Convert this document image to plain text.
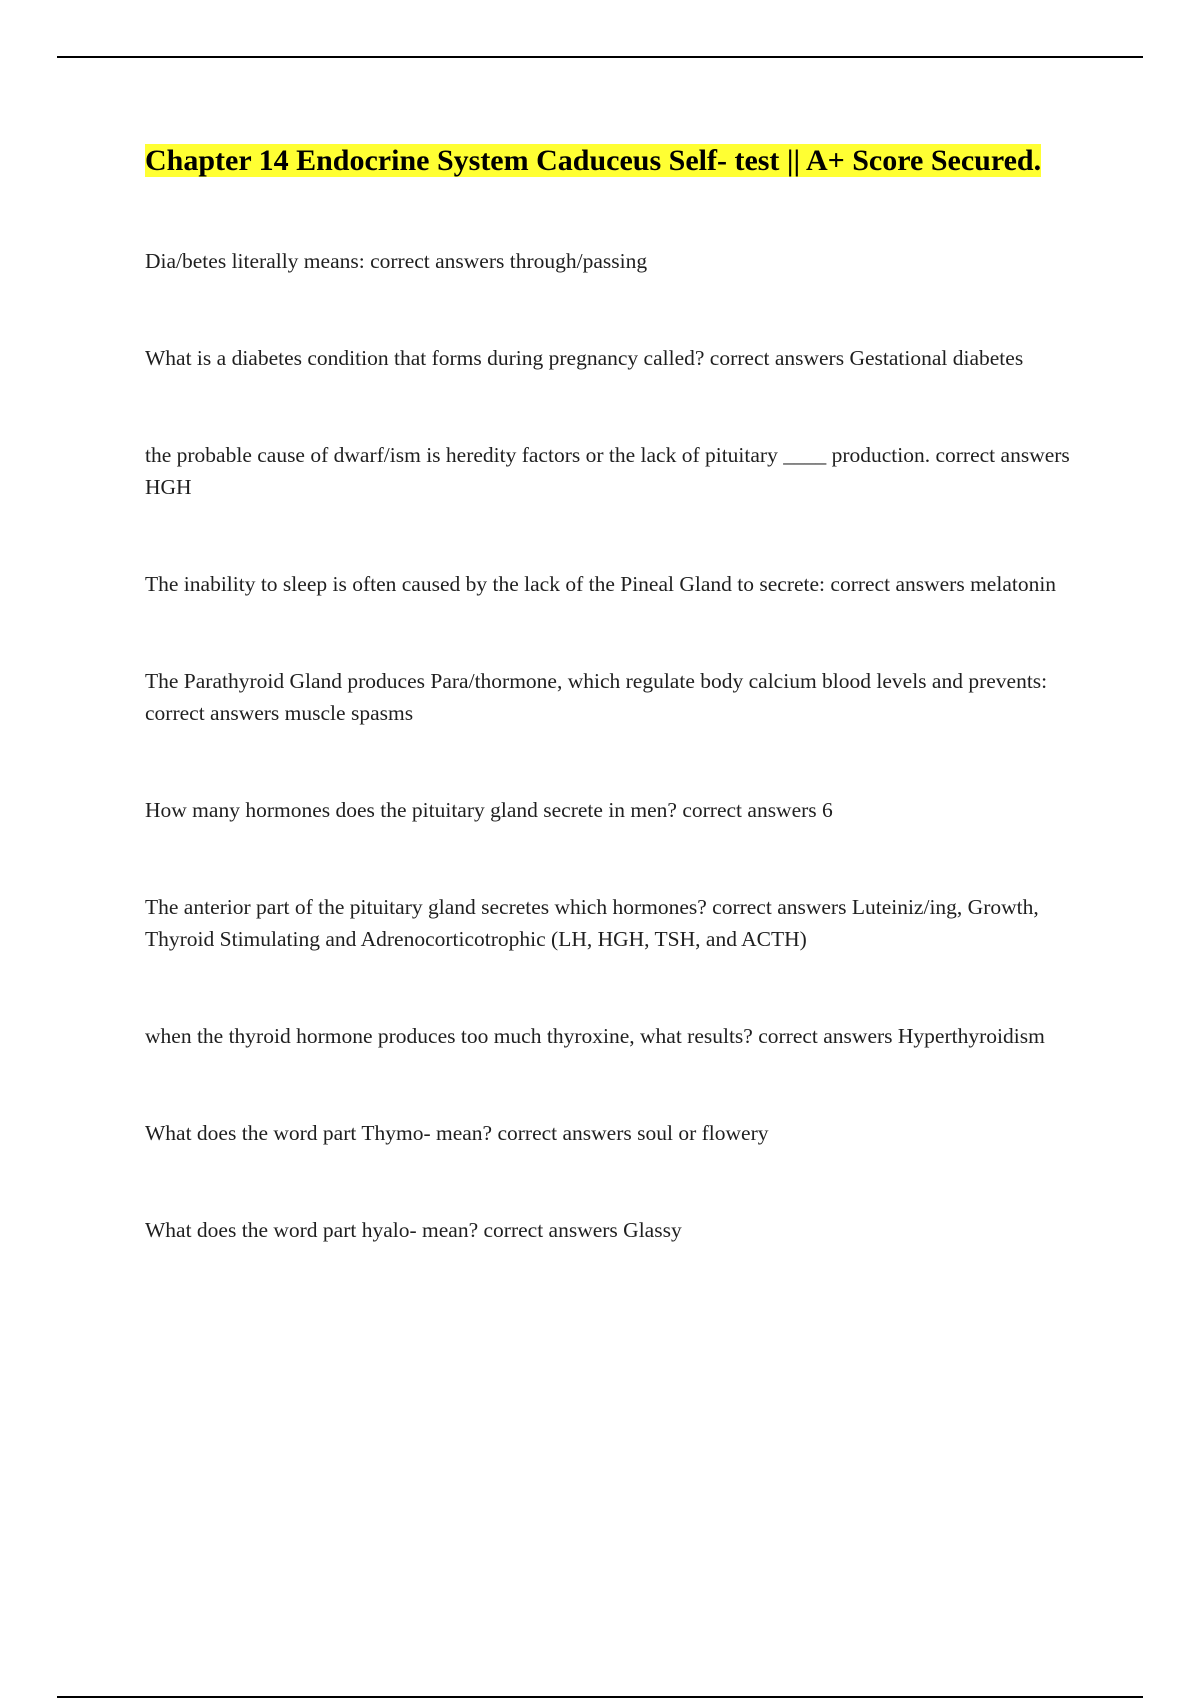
Chapter 14 Endocrine System Caduceus Self- test || A+ Score Secured.

Dia/betes literally means: correct answers through/passing

What is a diabetes condition that forms during pregnancy called? correct answers Gestational diabetes

the probable cause of dwarf/ism is heredity factors or the lack of pituitary ____ production. correct answers HGH

The inability to sleep is often caused by the lack of the Pineal Gland to secrete: correct answers melatonin

The Parathyroid Gland produces Para/thormone, which regulate body calcium blood levels and prevents: correct answers muscle spasms

How many hormones does the pituitary gland secrete in men? correct answers 6

The anterior part of the pituitary gland secretes which hormones? correct answers Luteiniz/ing, Growth, Thyroid Stimulating and Adrenocorticotrophic (LH, HGH, TSH, and ACTH)

when the thyroid hormone produces too much thyroxine, what results? correct answers Hyperthyroidism

What does the word part Thymo- mean? correct answers soul or flowery

What does the word part hyalo- mean? correct answers Glassy
